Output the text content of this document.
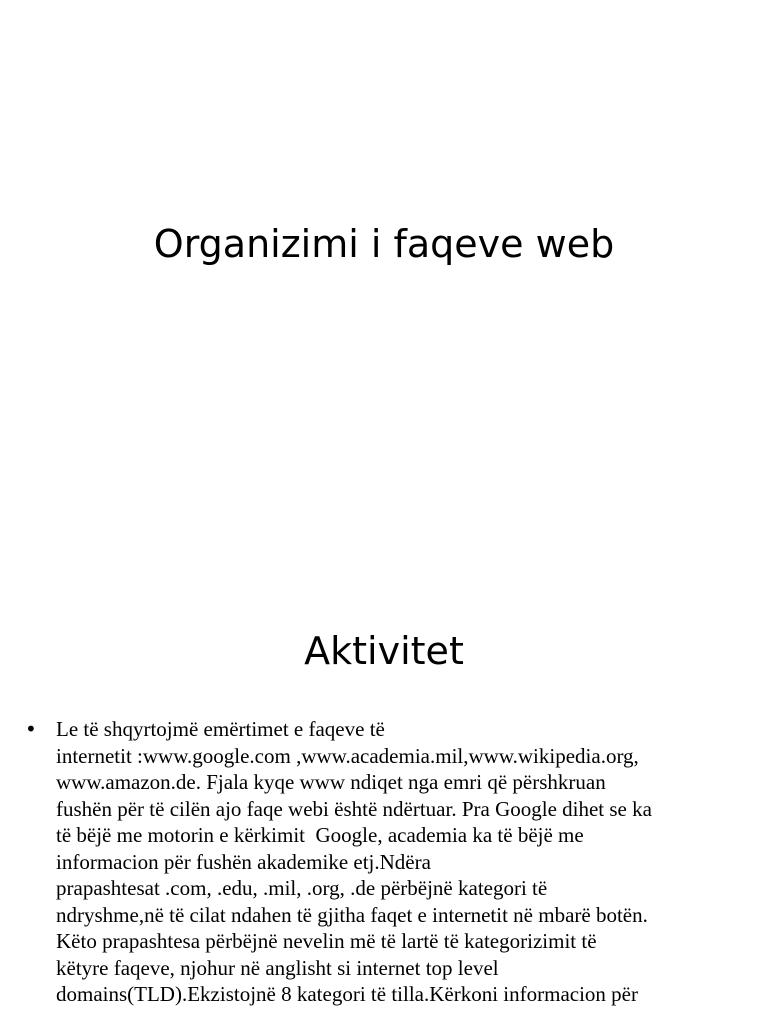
Organizimi i faqeve web
Aktivitet
• Le të shqyrtojmë emërtimet e faqeve të
internetit :www.google.com ,www.academia.mil,www.wikipedia.org,
www.amazon.de. Fjala kyqe www ndiqet nga emri që përshkruan
fushën për të cilën ajo faqe webi është ndërtuar. Pra Google dihet se ka
të bëjë me motorin e kërkimit  Google, academia ka të bëjë me
informacion për fushën akademike etj.Ndëra
prapashtesat .com, .edu, .mil, .org, .de përbëjnë kategori të
ndryshme,në të cilat ndahen të gjitha faqet e internetit në mbarë botën.
Këto prapashtesa përbëjnë nevelin më të lartë të kategorizimit të
këtyre faqeve, njohur në anglisht si internet top level
domains(TLD).Ekzistojnë 8 kategori të tilla.Kërkoni informacion për
